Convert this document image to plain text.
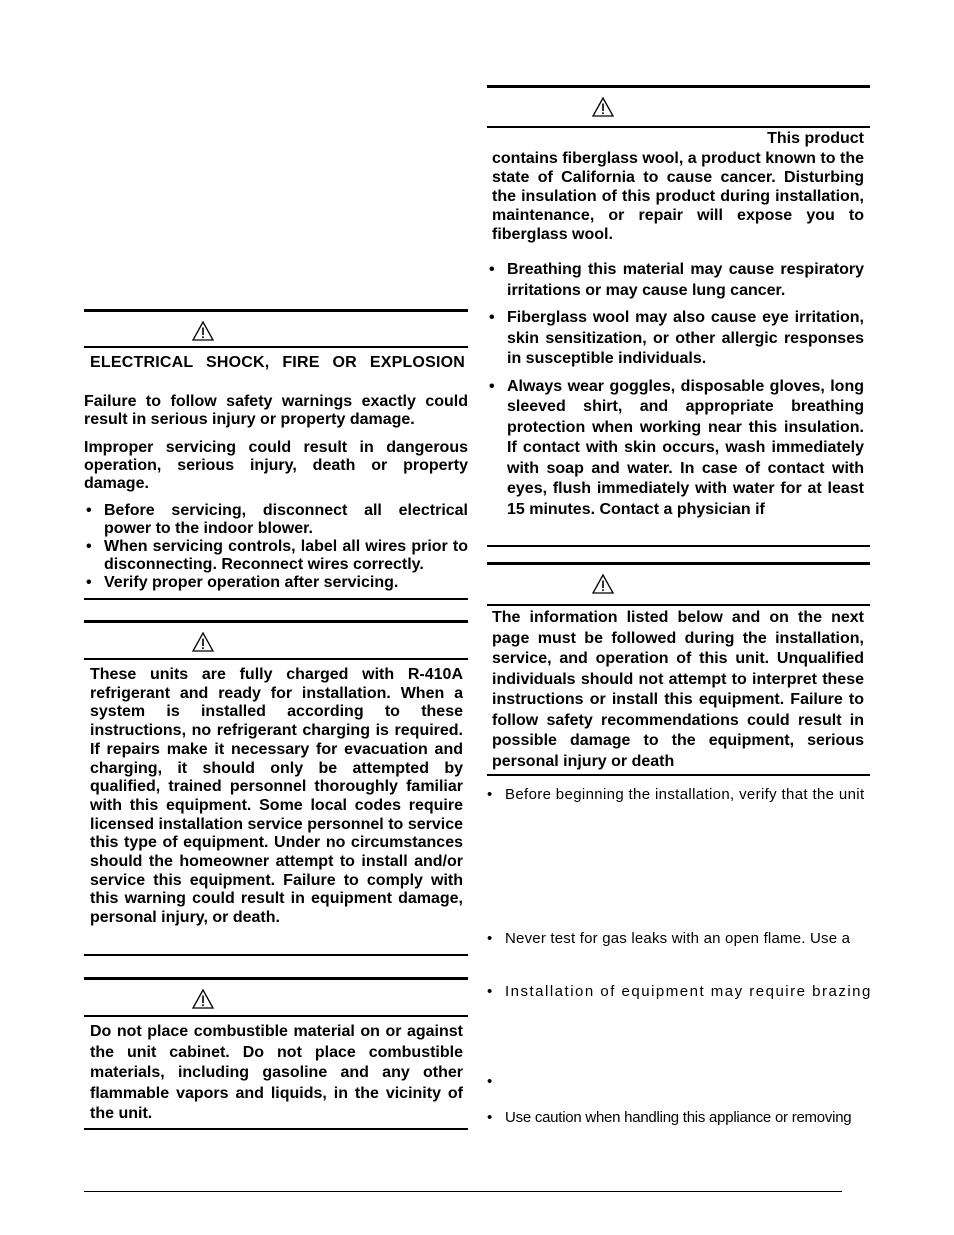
ELECTRICAL SHOCK, FIRE OR EXPLOSION
Failure to follow safety warnings exactly could result in serious injury or property damage.
Improper servicing could result in dangerous operation, serious injury, death or property damage.
• Before servicing, disconnect all electrical power to the indoor blower.
• When servicing controls, label all wires prior to disconnecting. Reconnect wires correctly.
• Verify proper operation after servicing.
These units are fully charged with R-410A refrigerant and ready for installation. When a system is installed according to these instructions, no refrigerant charging is required. If repairs make it necessary for evacuation and charging, it should only be attempted by qualified, trained personnel thoroughly familiar with this equipment. Some local codes require licensed installation service personnel to service this type of equipment. Under no circumstances should the homeowner attempt to install and/or service this equipment. Failure to comply with this warning could result in equipment damage, personal injury, or death.
Do not place combustible material on or against the unit cabinet. Do not place combustible materials, including gasoline and any other flammable vapors and liquids, in the vicinity of the unit.
This product
contains fiberglass wool, a product known to the state of California to cause cancer. Disturbing the insulation of this product during installation, maintenance, or repair will expose you to fiberglass wool.
• Breathing this material may cause respiratory irritations or may cause lung cancer.
• Fiberglass wool may also cause eye irritation, skin sensitization, or other allergic responses in susceptible individuals.
• Always wear goggles, disposable gloves, long sleeved shirt, and appropriate breathing protection when working near this insulation. If contact with skin occurs, wash immediately with soap and water. In case of contact with eyes, flush immediately with water for at least 15 minutes. Contact a physician if
The information listed below and on the next page must be followed during the installation, service, and operation of this unit. Unqualified individuals should not attempt to interpret these instructions or install this equipment. Failure to follow safety recommendations could result in possible damage to the equipment, serious personal injury or death
• Before beginning the installation, verify that the unit
• Never test for gas leaks with an open flame. Use a
• Installation of equipment may require brazing
•
• Use caution when handling this appliance or removing
